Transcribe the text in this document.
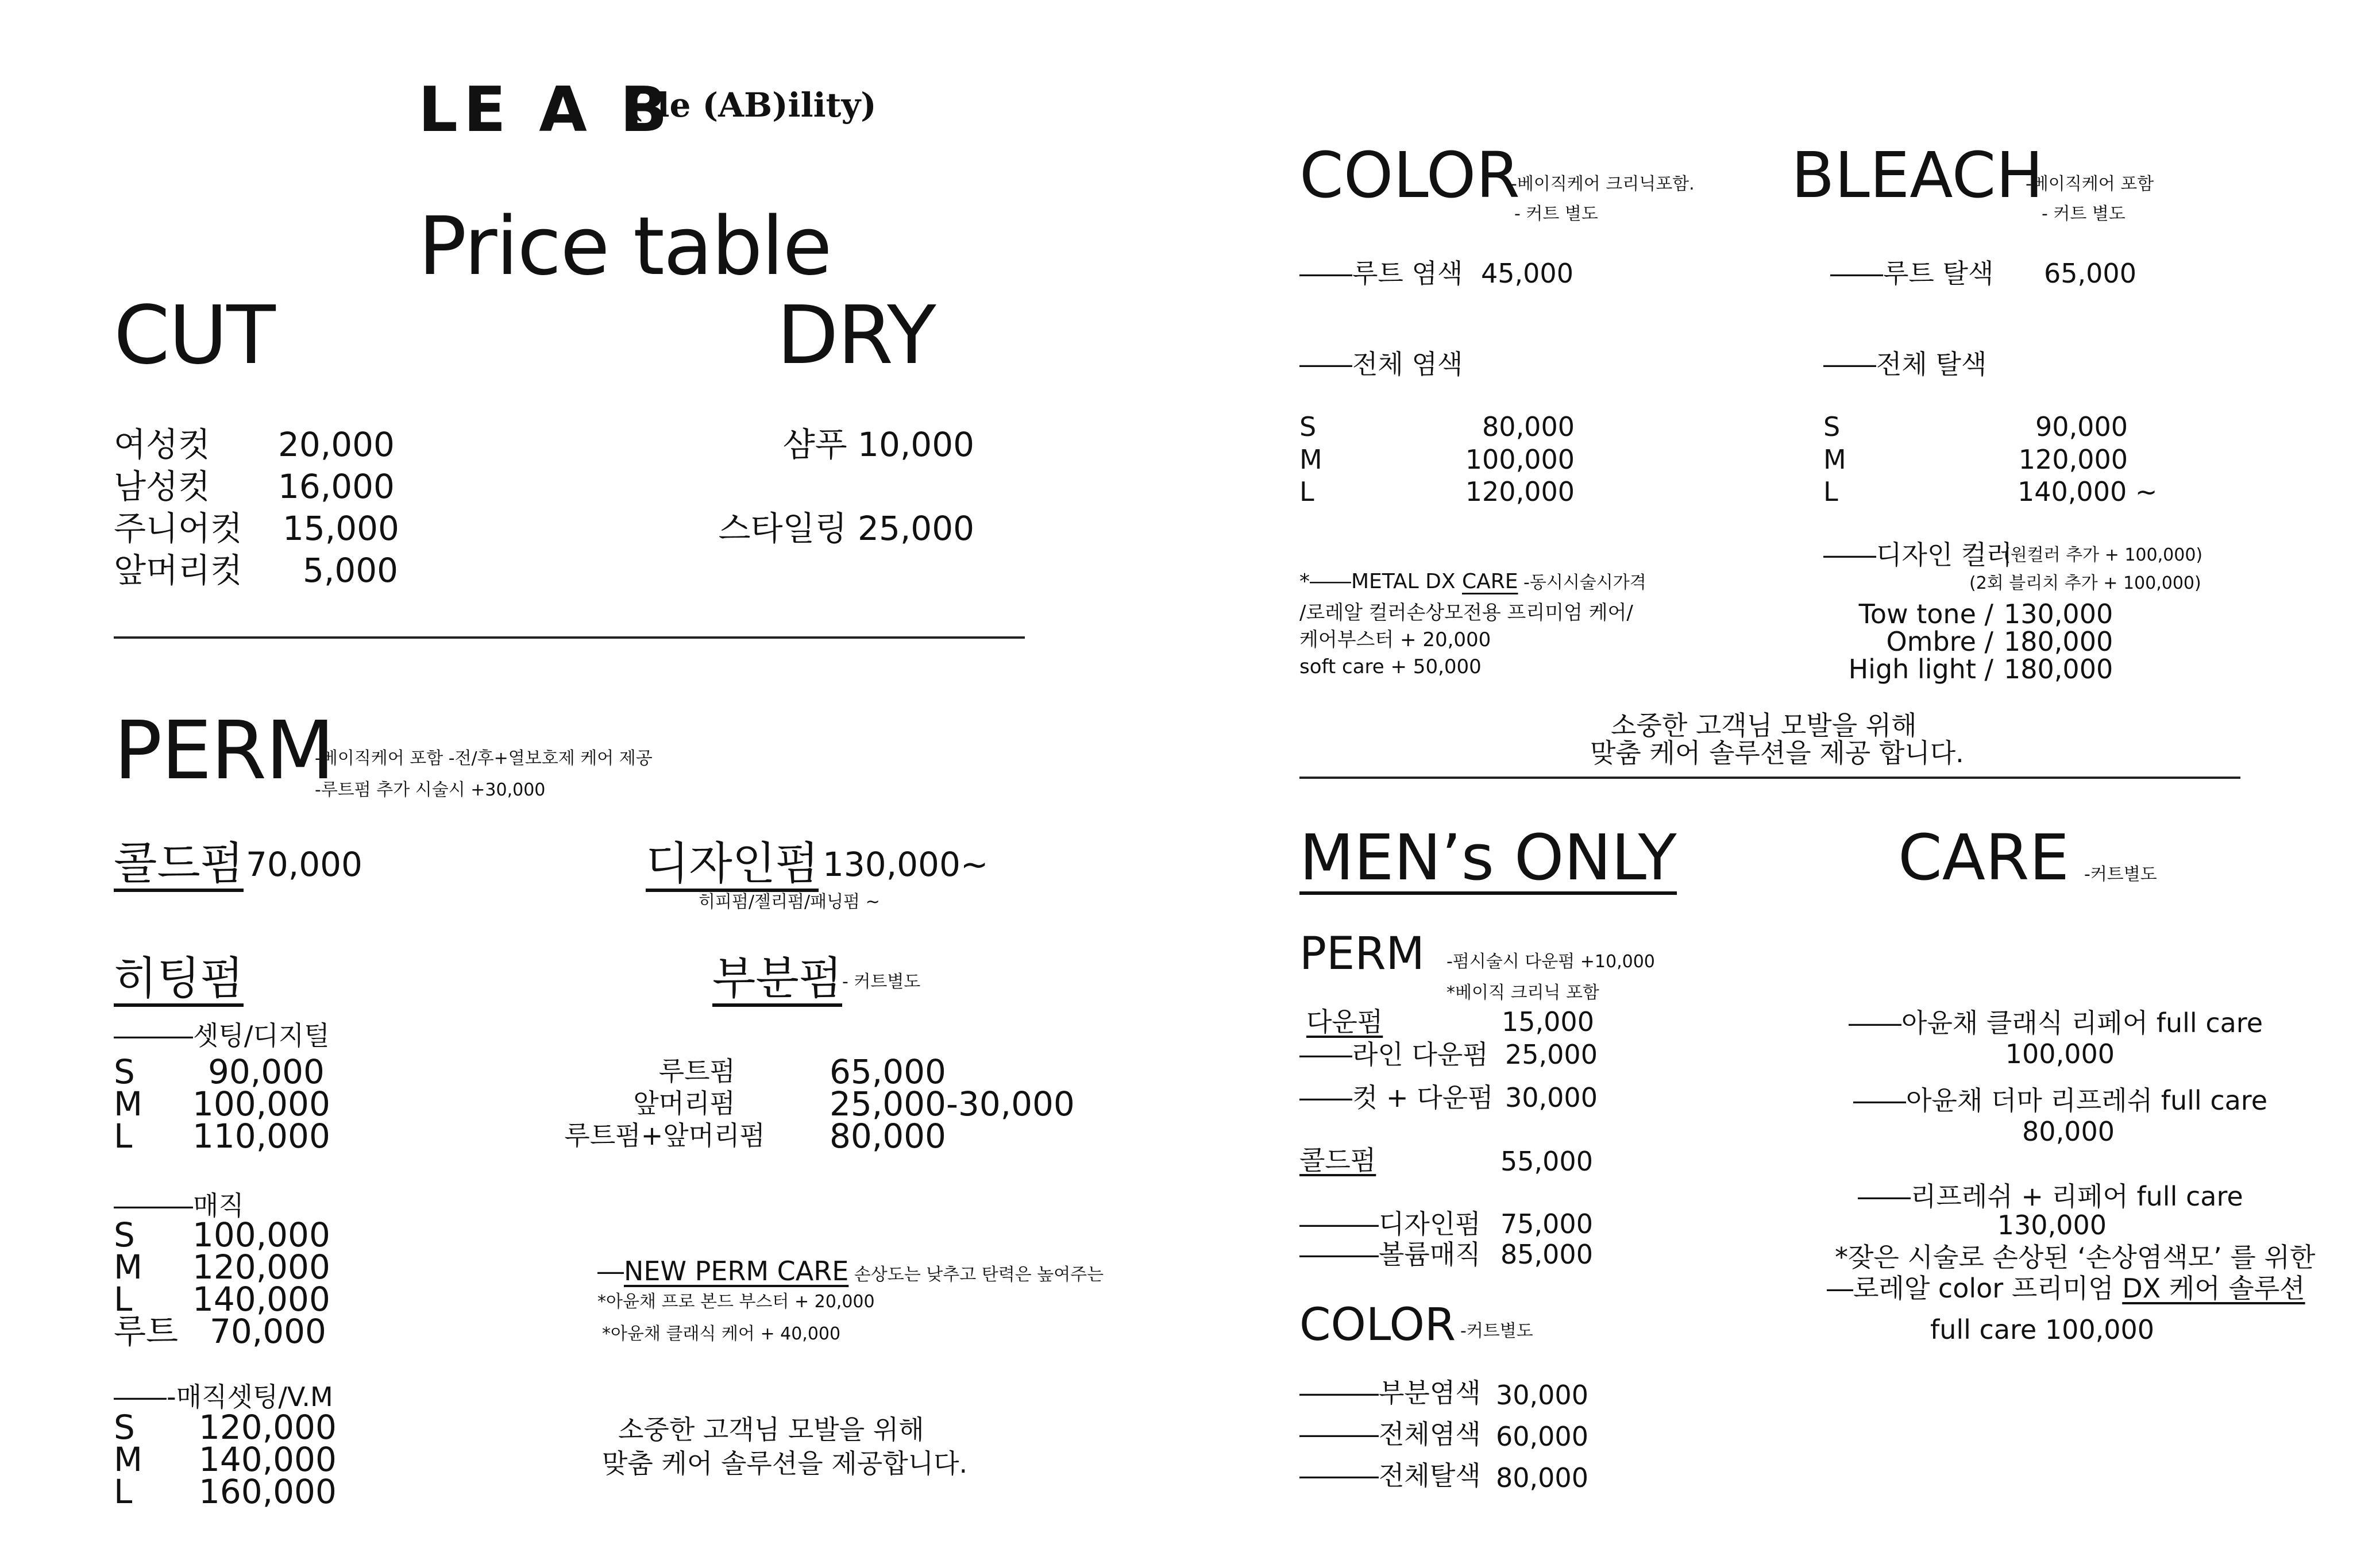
LE A B
(-le (AB)ility)
Price table
CUT
여성컷 20,000
남성컷 16,000
주니어컷 15,000
앞머리컷 5,000
DRY
샴푸 10,000
스타일링 25,000
PERM
-베이직케어 포함 -전/후+열보호제 케어 제공
-루트펌 추가 시술시 +30,000
콜드펌 70,000	디자인펌 130,000~
히피펌/젤리펌/패닝펌 ~
히팅펌
―――셋팅/디지털
S 90,000
M 100,000
L 110,000
―――매직
S 100,000
M 120,000
L 140,000
루트 70,000
――-매직셋팅/V.M
S 120,000
M 140,000
L 160,000
부분펌 - 커트별도
루트펌	65,000
앞머리펌	25,000-30,000
루트펌+앞머리펌 80,000
―NEW PERM CARE 손상도는 낮추고 탄력은 높여주는
*아윤채 프로 본드 부스터 + 20,000
*아윤채 클래식 케어 + 40,000
소중한 고객님 모발을 위해
맞춤 케어 솔루션을 제공합니다.
COLOR
-베이직케어 크리닉포함.
- 커트 별도
――루트 염색 45,000
――전체 염색
S	80,000
M	100,000
L	120,000
*――METAL DX CARE -동시시술시가격
/로레알 컬러손상모전용 프리미엄 케어/
케어부스터 + 20,000
soft care + 50,000
BLEACH
-베이직케어 포함
- 커트 별도
――루트 탈색 65,000
――전체 탈색
S	90,000
M	120,000
L	140,000 ~
――디자인 컬러
(원컬러 추가 + 100,000)
(2회 블리치 추가 + 100,000)
Tow tone / 130,000
Ombre / 180,000
High light / 180,000
소중한 고객님 모발을 위해
맞춤 케어 솔루션을 제공 합니다.
MEN’s ONLY
PERM -펌시술시 다운펌 +10,000
*베이직 크리닉 포함
다운펌	15,000
――라인 다운펌 25,000
――컷 + 다운펌 30,000
콜드펌	55,000
―――디자인펌 75,000
―――볼륨매직 85,000
COLOR -커트별도
―――부분염색 30,000
―――전체염색 60,000
―――전체탈색 80,000
CARE -커트별도
――아윤채 클래식 리페어 full care
100,000
――아윤채 더마 리프레쉬 full care
80,000
――리프레쉬 + 리페어 full care
130,000
*잦은 시술로 손상된 ‘손상염색모’ 를 위한
―로레알 color 프리미엄 DX 케어 솔루션
full care 100,000
